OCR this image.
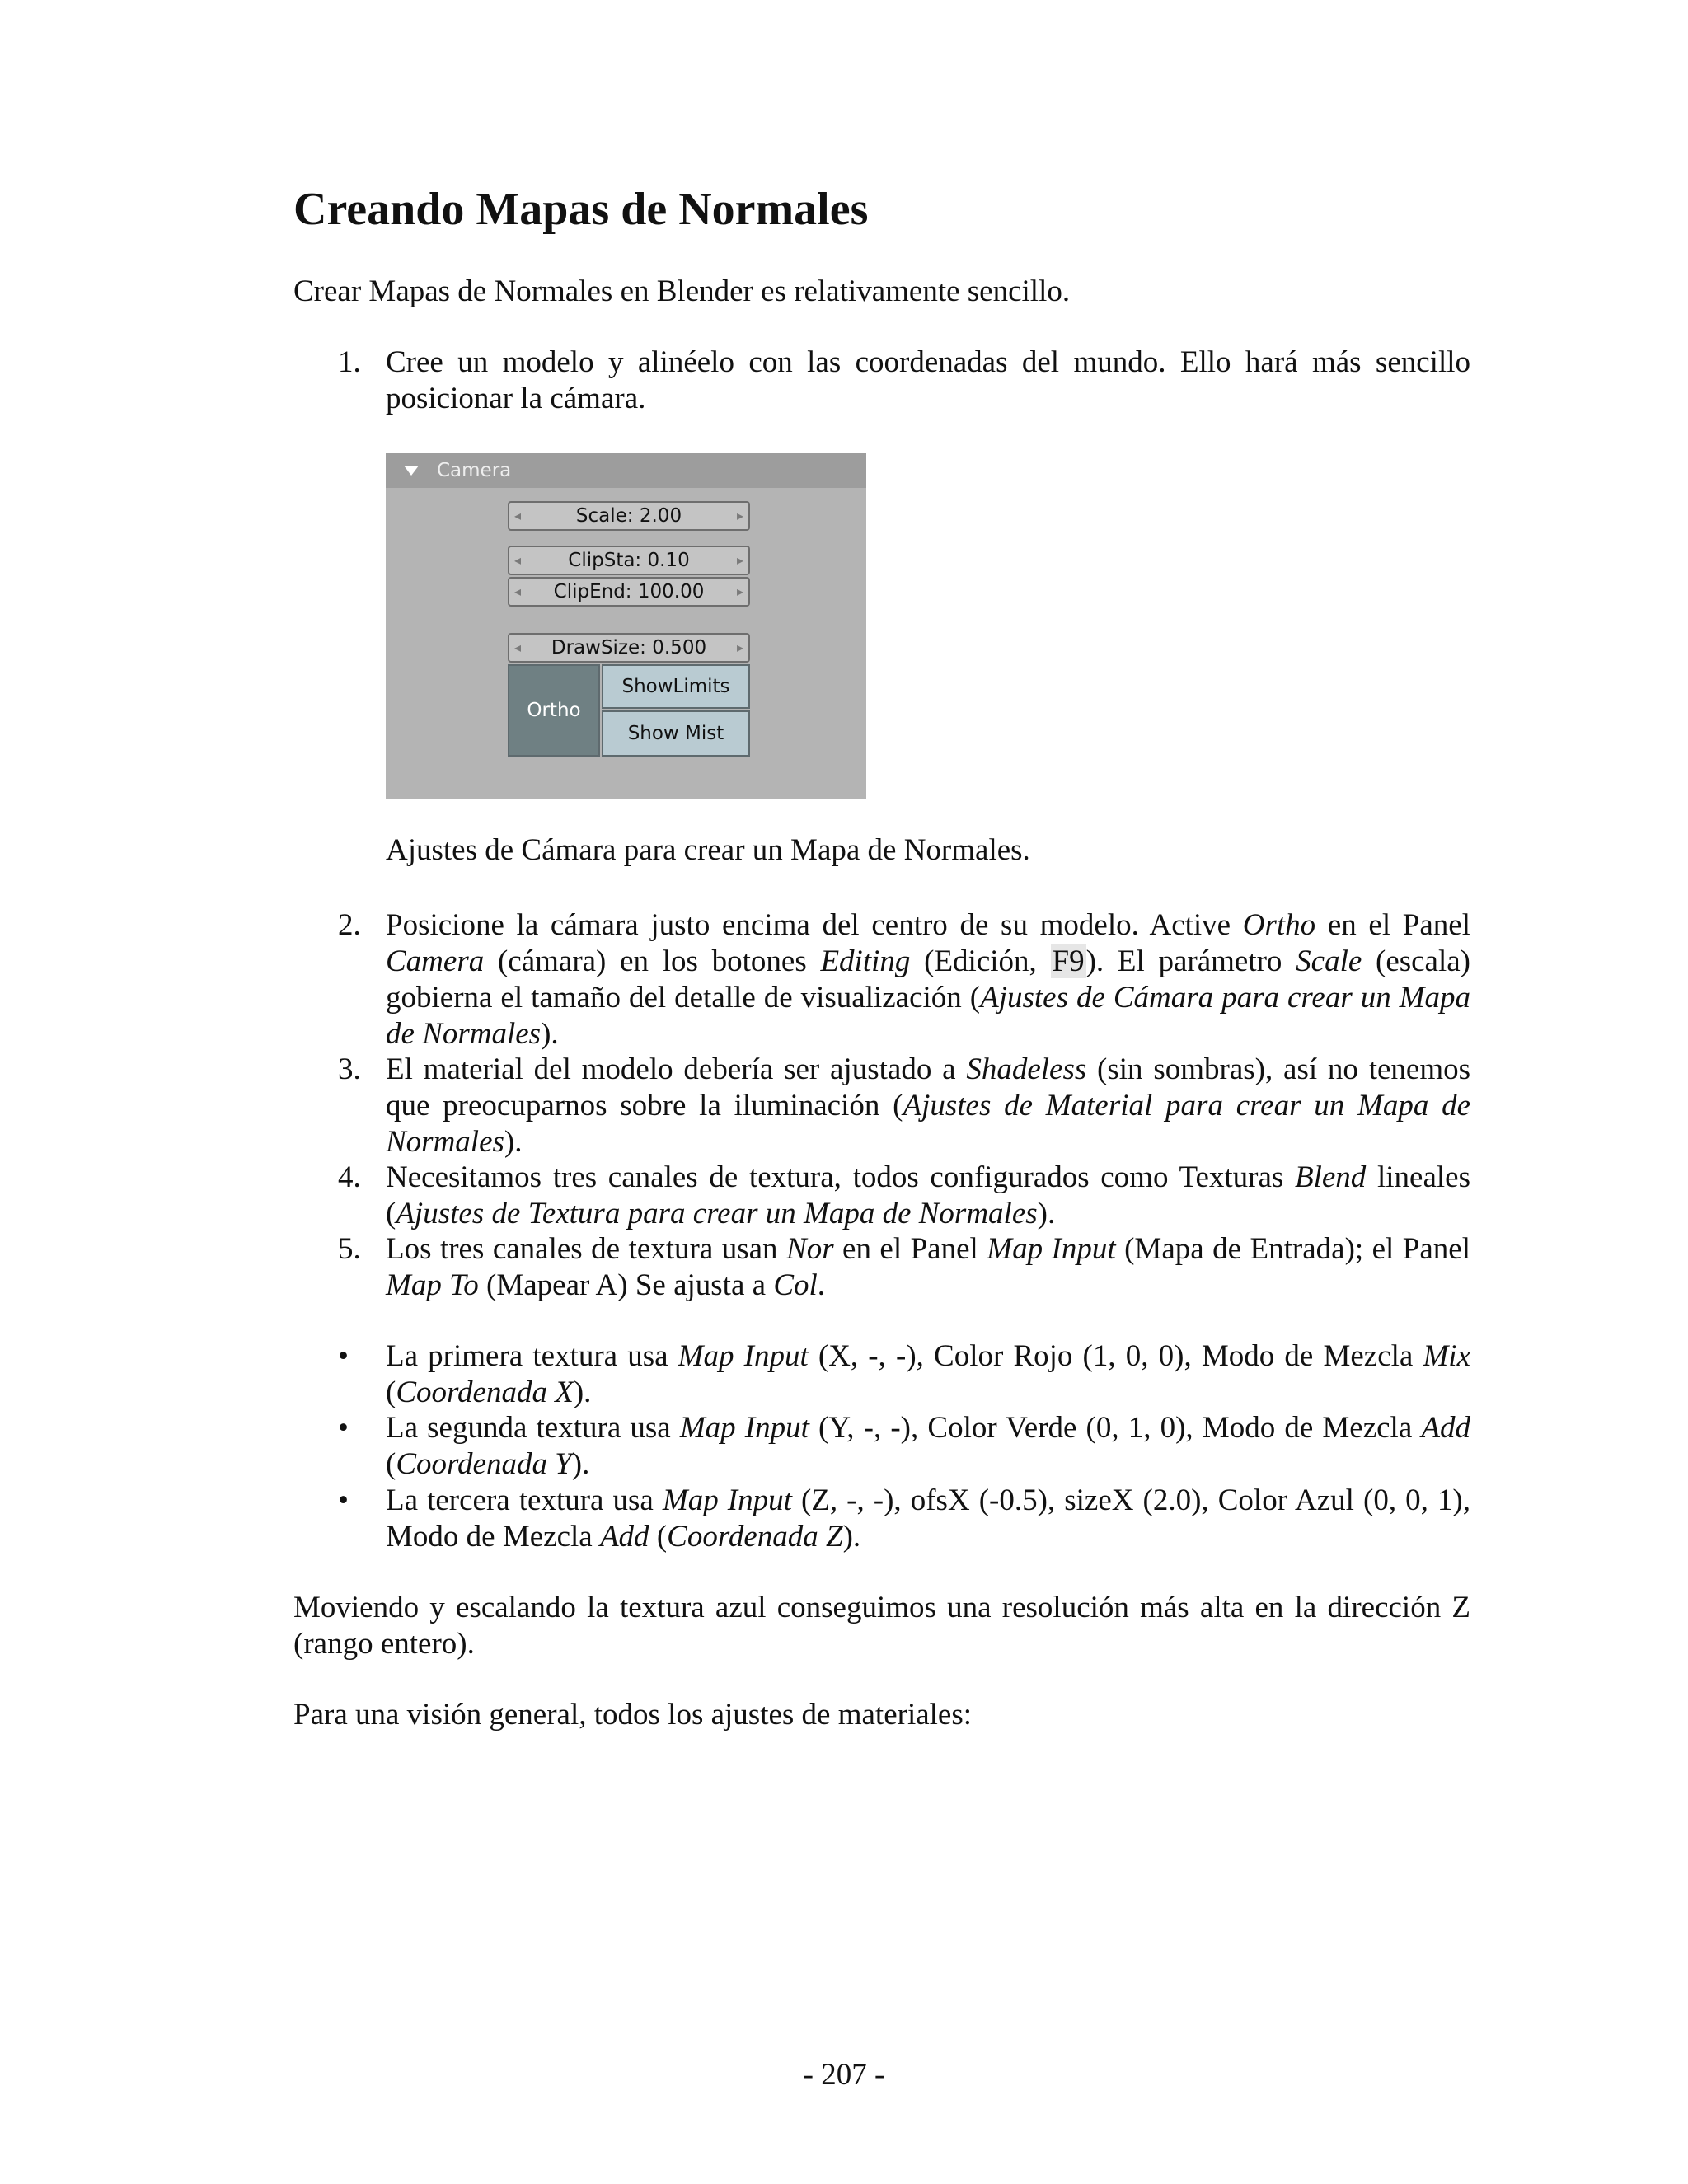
Creando Mapas de Normales

Crear Mapas de Normales en Blender es relativamente sencillo.

1. Cree un modelo y alinéelo con las coordenadas del mundo. Ello hará más sencillo posicionar la cámara.

Camera
◂	Scale: 2.00	▸
◂ ClipSta: 0.10	▸
◂ ClipEnd: 100.00 ▸
◂ DrawSize: 0.500 ▸
Ortho
ShowLimits
Show Mist

Ajustes de Cámara para crear un Mapa de Normales.

2. Posicione la cámara justo encima del centro de su modelo. Active Ortho en el Panel Camera (cámara) en los botones Editing (Edición, F9). El parámetro Scale (escala) gobierna el tamaño del detalle de visualización (Ajustes de Cámara para crear un Mapa de Normales).

3. El material del modelo debería ser ajustado a Shadeless (sin sombras), así no tenemos que preocuparnos sobre la iluminación (Ajustes de Material para crear un Mapa de Normales).

4. Necesitamos tres canales de textura, todos configurados como Texturas Blend lineales (Ajustes de Textura para crear un Mapa de Normales).

5. Los tres canales de textura usan Nor en el Panel Map Input (Mapa de Entrada); el Panel Map To (Mapear A) Se ajusta a Col.

• La primera textura usa Map Input (X, -, -), Color Rojo (1, 0, 0), Modo de Mezcla Mix (Coordenada X).

• La segunda textura usa Map Input (Y, -, -), Color Verde (0, 1, 0), Modo de Mezcla Add (Coordenada Y).

• La tercera textura usa Map Input (Z, -, -), ofsX (-0.5), sizeX (2.0), Color Azul (0, 0, 1), Modo de Mezcla Add (Coordenada Z).

Moviendo y escalando la textura azul conseguimos una resolución más alta en la dirección Z (rango entero).

Para una visión general, todos los ajustes de materiales:

- 207 -
